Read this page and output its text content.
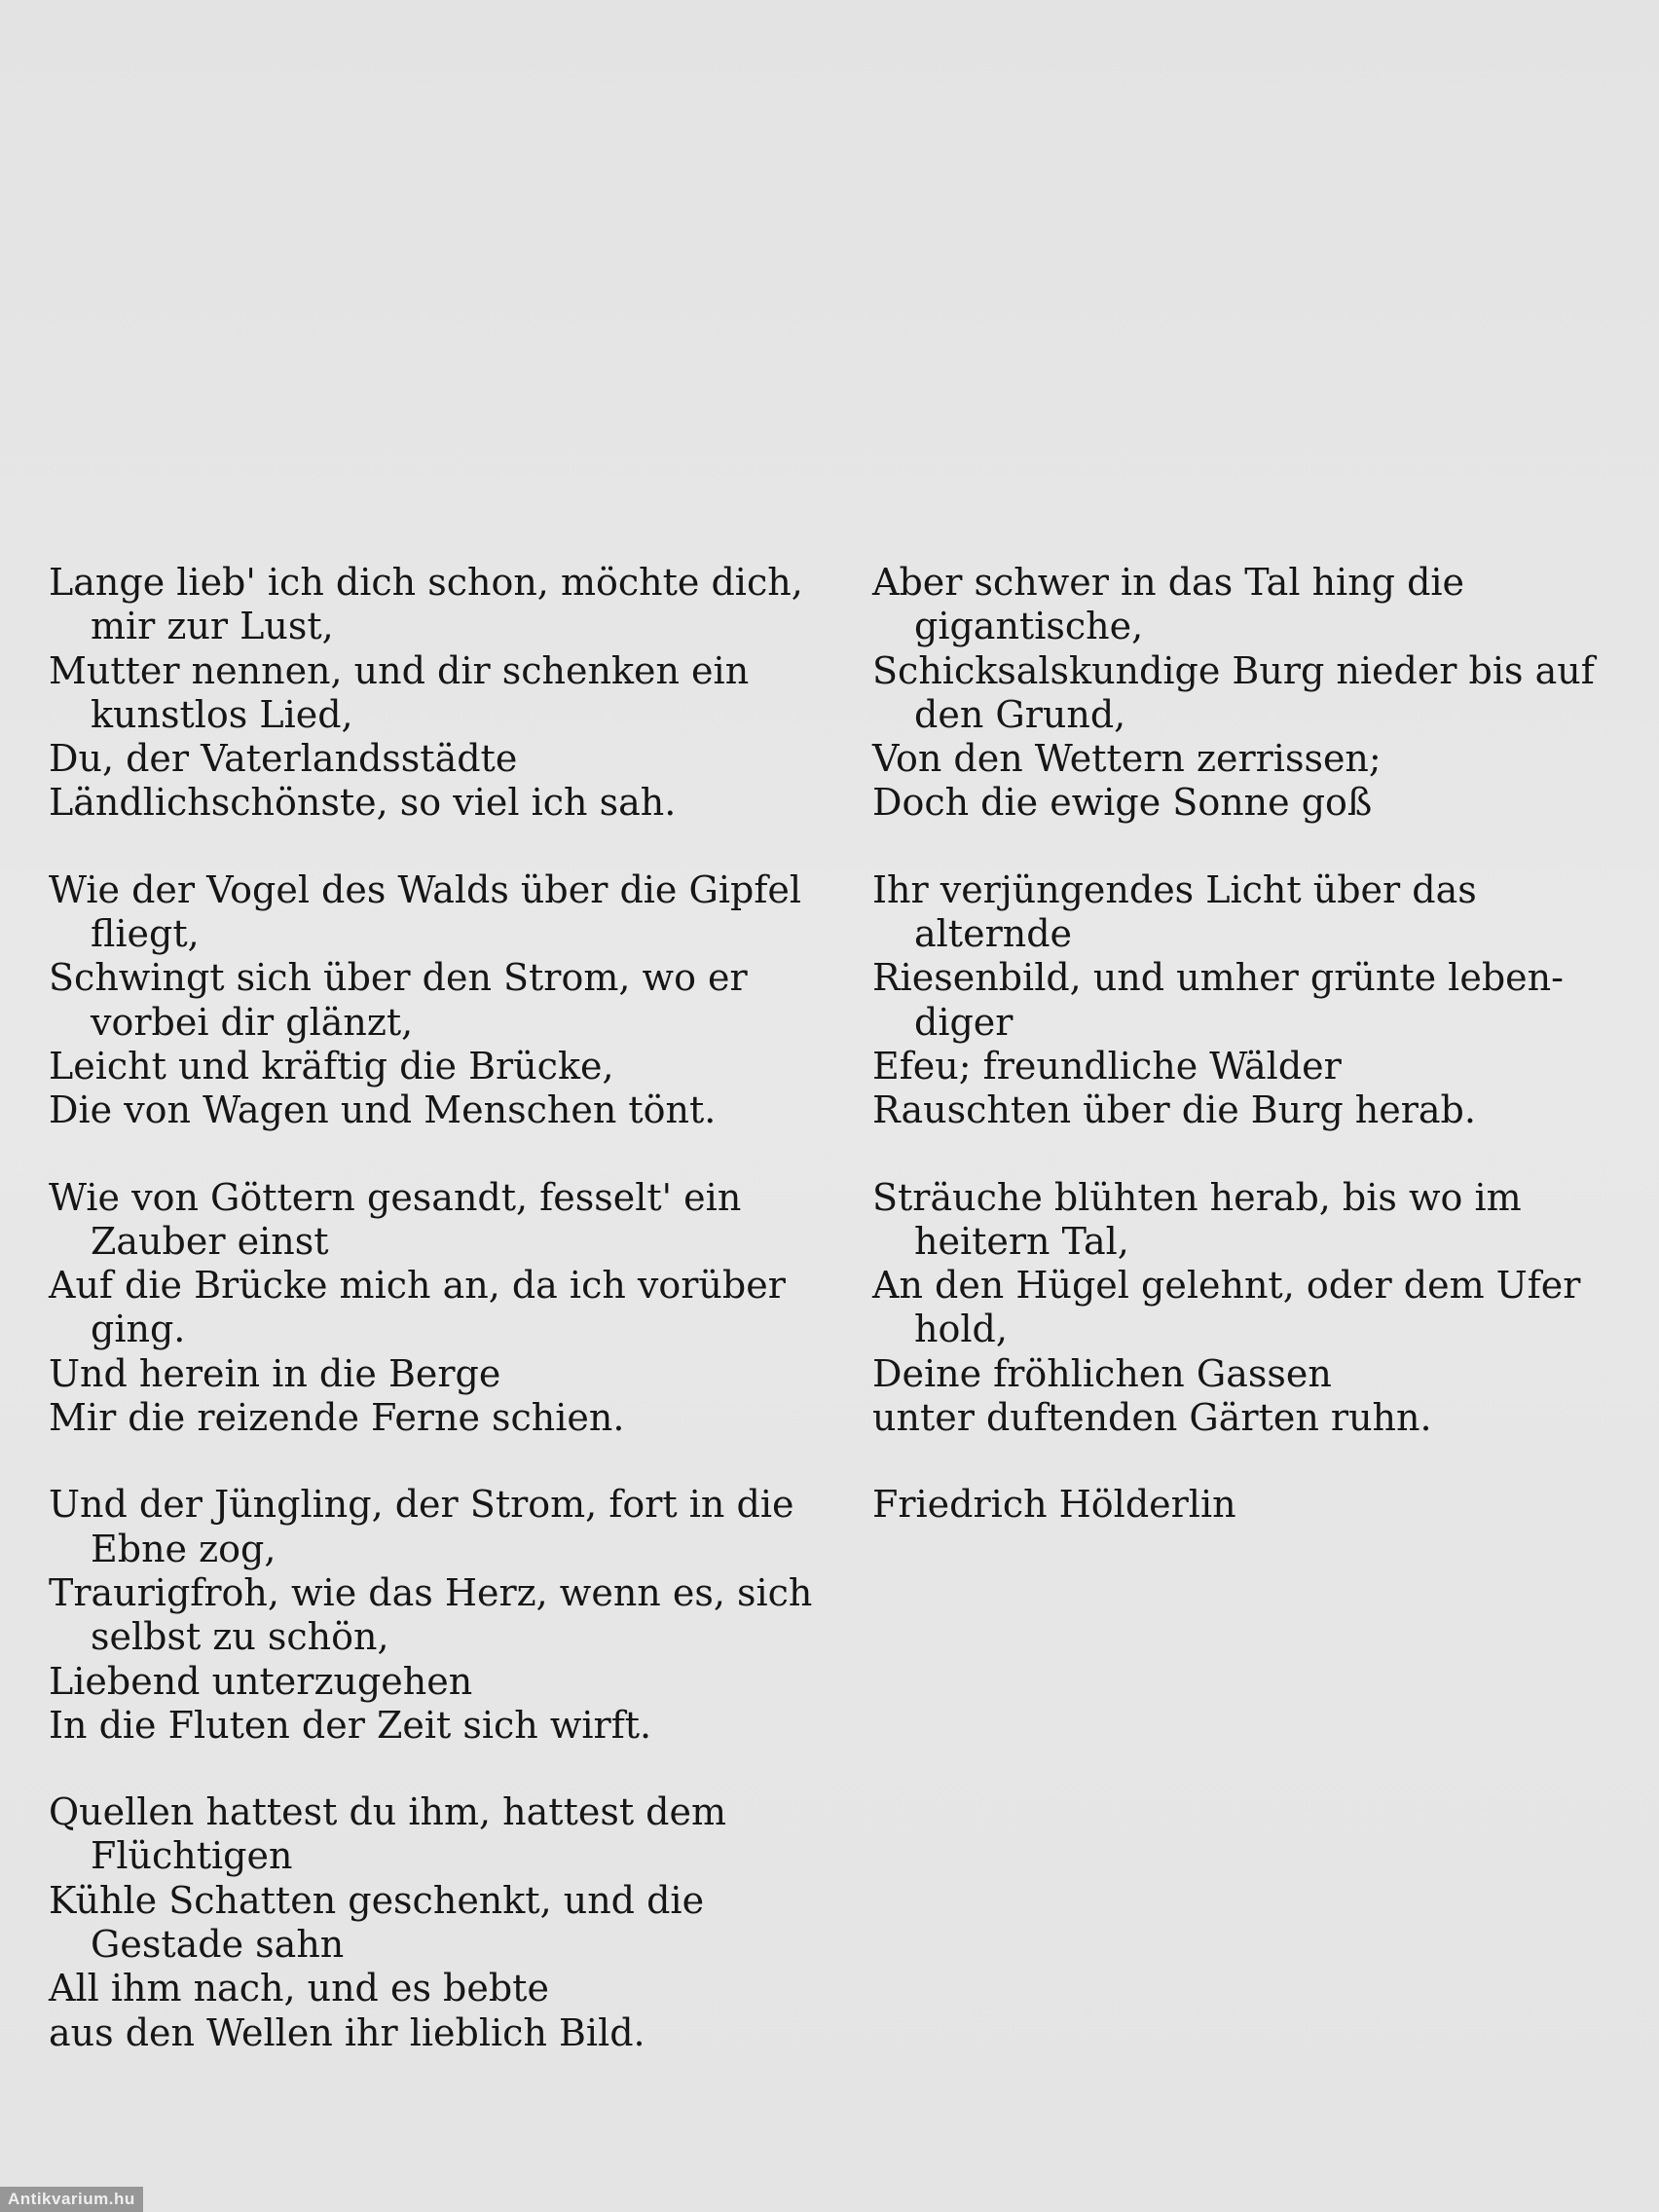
Lange lieb' ich dich schon, möchte dich,
mir zur Lust,
Mutter nennen, und dir schenken ein
kunstlos Lied,
Du, der Vaterlandsstädte
Ländlichschönste, so viel ich sah.
Wie der Vogel des Walds über die Gipfel
fliegt,
Schwingt sich über den Strom, wo er
vorbei dir glänzt,
Leicht und kräftig die Brücke,
Die von Wagen und Menschen tönt.
Wie von Göttern gesandt, fesselt' ein
Zauber einst
Auf die Brücke mich an, da ich vorüber
ging.
Und herein in die Berge
Mir die reizende Ferne schien.
Und der Jüngling, der Strom, fort in die
Ebne zog,
Traurigfroh, wie das Herz, wenn es, sich
selbst zu schön,
Liebend unterzugehen
In die Fluten der Zeit sich wirft.
Quellen hattest du ihm, hattest dem
Flüchtigen
Kühle Schatten geschenkt, und die
Gestade sahn
All ihm nach, und es bebte
aus den Wellen ihr lieblich Bild.
Aber schwer in das Tal hing die
gigantische,
Schicksalskundige Burg nieder bis auf
den Grund,
Von den Wettern zerrissen;
Doch die ewige Sonne goß
Ihr verjüngendes Licht über das
alternde
Riesenbild, und umher grünte leben-
diger
Efeu; freundliche Wälder
Rauschten über die Burg herab.
Sträuche blühten herab, bis wo im
heitern Tal,
An den Hügel gelehnt, oder dem Ufer
hold,
Deine fröhlichen Gassen
unter duftenden Gärten ruhn.
Friedrich Hölderlin
Antikvarium.hu
